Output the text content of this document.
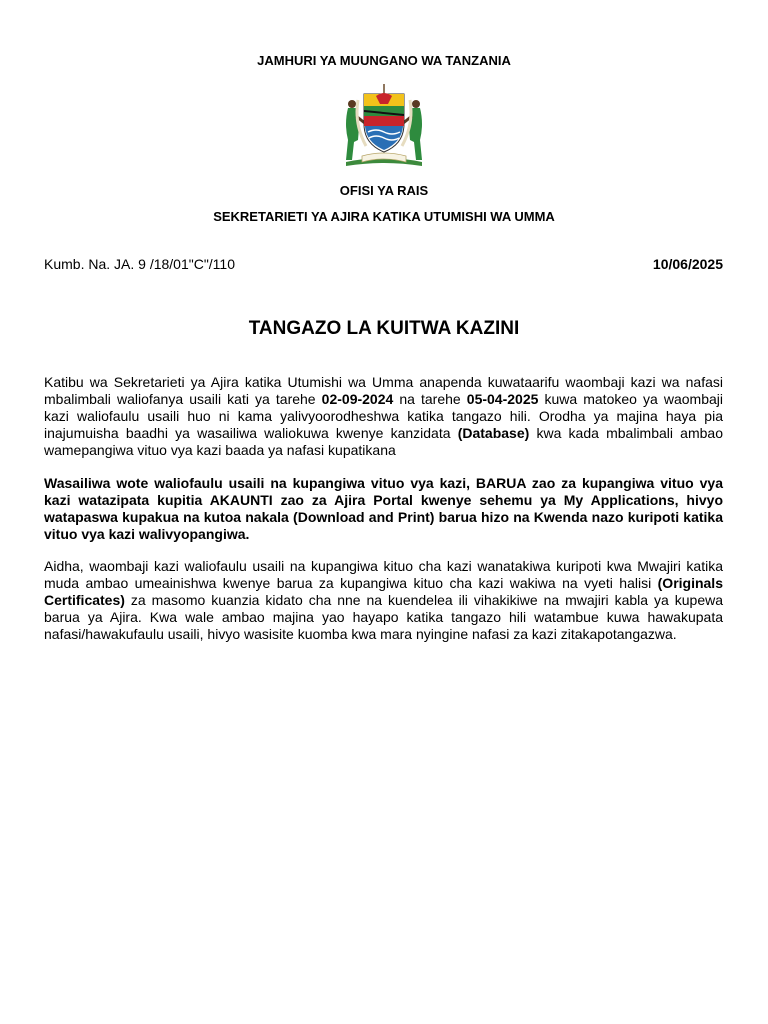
JAMHURI YA MUUNGANO WA TANZANIA
OFISI YA RAIS
SEKRETARIETI YA AJIRA KATIKA UTUMISHI WA UMMA
Kumb. Na. JA. 9 /18/01"C"/110	10/06/2025
TANGAZO LA KUITWA KAZINI
Katibu wa Sekretarieti ya Ajira katika Utumishi wa Umma anapenda kuwataarifu waombaji kazi wa nafasi mbalimbali waliofanya usaili kati ya tarehe 02-09-2024 na tarehe 05-04-2025 kuwa matokeo ya waombaji kazi waliofaulu usaili huo ni kama yalivyoorodheshwa katika tangazo hili. Orodha ya majina haya pia inajumuisha baadhi ya wasailiwa waliokuwa kwenye kanzidata (Database) kwa kada mbalimbali ambao wamepangiwa vituo vya kazi baada ya nafasi kupatikana
Wasailiwa wote waliofaulu usaili na kupangiwa vituo vya kazi, BARUA zao za kupangiwa vituo vya kazi watazipata kupitia AKAUNTI zao za Ajira Portal kwenye sehemu ya My Applications, hivyo watapaswa kupakua na kutoa nakala (Download and Print) barua hizo na Kwenda nazo kuripoti katika vituo vya kazi walivyopangiwa.
Aidha, waombaji kazi waliofaulu usaili na kupangiwa kituo cha kazi wanatakiwa kuripoti kwa Mwajiri katika muda ambao umeainishwa kwenye barua za kupangiwa kituo cha kazi wakiwa na vyeti halisi (Originals Certificates) za masomo kuanzia kidato cha nne na kuendelea ili vihakikiwe na mwajiri kabla ya kupewa barua ya Ajira. Kwa wale ambao majina yao hayapo katika tangazo hili watambue kuwa hawakupata nafasi/hawakufaulu usaili, hivyo wasisite kuomba kwa mara nyingine nafasi za kazi zitakapotangazwa.
